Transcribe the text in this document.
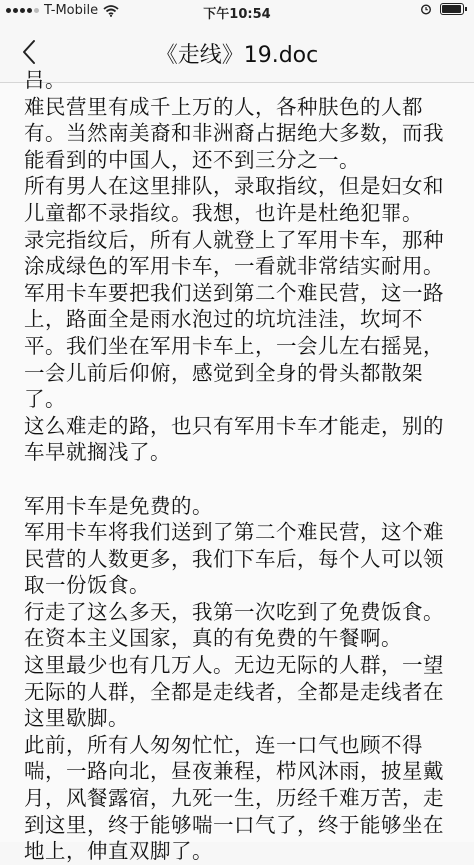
T-Mobile	下午10:54
《走线》19.doc

吕。

难民营里有成千上万的人，各种肤色的人都有。当然南美裔和非洲裔占据绝大多数，而我能看到的中国人，还不到三分之一。

所有男人在这里排队，录取指纹，但是妇女和儿童都不录指纹。我想，也许是杜绝犯罪。

录完指纹后，所有人就登上了军用卡车，那种涂成绿色的军用卡车，一看就非常结实耐用。

军用卡车要把我们送到第二个难民营，这一路上，路面全是雨水泡过的坑坑洼洼，坎坷不平。我们坐在军用卡车上，一会儿左右摇晃，一会儿前后仰俯，感觉到全身的骨头都散架了。

这么难走的路，也只有军用卡车才能走，别的车早就搁浅了。

军用卡车是免费的。

军用卡车将我们送到了第二个难民营，这个难民营的人数更多，我们下车后，每个人可以领取一份饭食。

行走了这么多天，我第一次吃到了免费饭食。在资本主义国家，真的有免费的午餐啊。

这里最少也有几万人。无边无际的人群，一望无际的人群，全都是走线者，全都是走线者在这里歇脚。

此前，所有人匆匆忙忙，连一口气也顾不得喘，一路向北，昼夜兼程，栉风沐雨，披星戴月，风餐露宿，九死一生，历经千难万苦，走到这里，终于能够喘一口气了，终于能够坐在地上，伸直双脚了。
